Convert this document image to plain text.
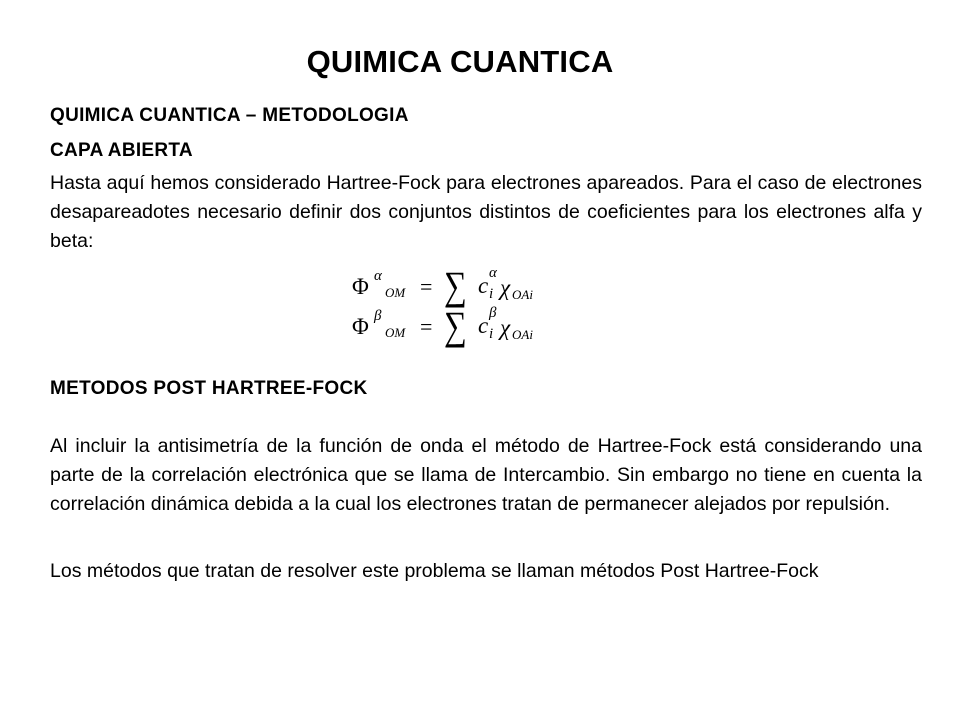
QUIMICA CUANTICA
QUIMICA CUANTICA – METODOLOGIA
CAPA ABIERTA
Hasta aquí hemos considerado Hartree-Fock para electrones apareados. Para el caso de electrones desapareadotes necesario definir dos conjuntos distintos de coeficientes para los electrones alfa y beta:
Φ α
OM = ∑ c α
i χ OAi
Φ β
OM = ∑ c β
i χ OAi
METODOS POST HARTREE-FOCK
Al incluir la antisimetría de la función de onda el método de Hartree-Fock está considerando una parte de la correlación electrónica que se llama de Intercambio. Sin embargo no tiene en cuenta la correlación dinámica debida a la cual los electrones tratan de permanecer alejados por repulsión.
Los métodos que tratan de resolver este problema se llaman métodos Post Hartree-Fock
